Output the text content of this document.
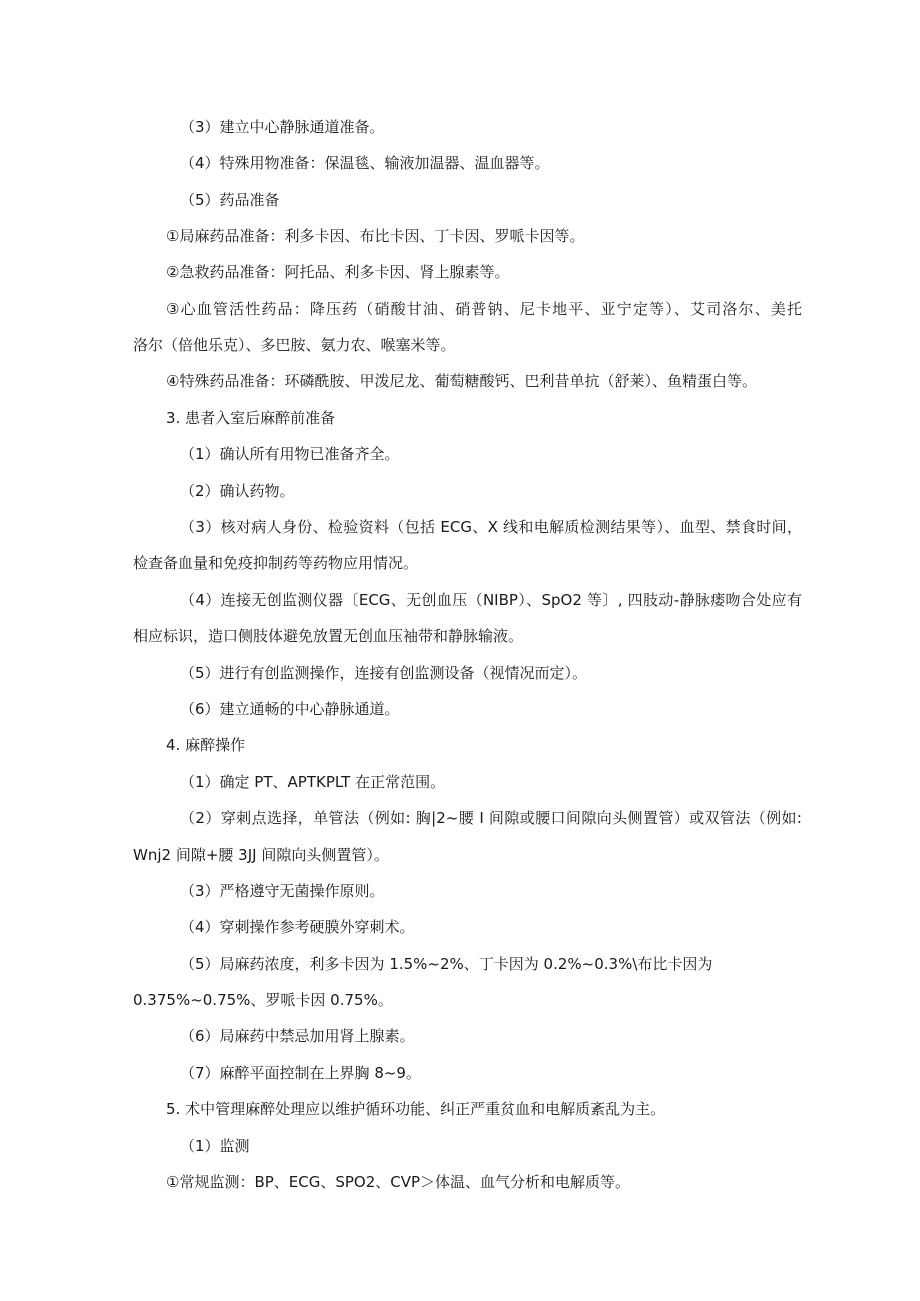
（3）建立中心静脉通道准备。
（4）特殊用物准备：保温毯、输液加温器、温血器等。
（5）药品准备
①局麻药品准备：利多卡因、布比卡因、丁卡因、罗哌卡因等。
②急救药品准备：阿托品、利多卡因、肾上腺素等。
③心血管活性药品：降压药（硝酸甘油、硝普钠、尼卡地平、亚宁定等）、艾司洛尔、美托
洛尔（倍他乐克）、多巴胺、氨力农、喉塞米等。
④特殊药品准备：环磷酰胺、甲泼尼龙、葡萄糖酸钙、巴利昔单抗（舒莱）、鱼精蛋白等。
3. 患者入室后麻醉前准备
（1）确认所有用物已准备齐全。
（2）确认药物。
（3）核对病人身份、检验资料（包括 ECG、X 线和电解质检测结果等）、血型、禁食时间，
检查备血量和免疫抑制药等药物应用情况。
（4）连接无创监测仪器〔ECG、无创血压（NIBP）、SpO2 等〕, 四肢动-静脉瘘吻合处应有
相应标识，造口侧肢体避免放置无创血压袖带和静脉输液。
（5）进行有创监测操作，连接有创监测设备（视情况而定）。
（6）建立通畅的中心静脉通道。
4. 麻醉操作
（1）确定 PT、APTKPLT 在正常范围。
（2）穿刺点选择，单管法（例如: 胸|2~腰 I 间隙或腰口间隙向头侧置管）或双管法（例如:
Wnj2 间隙+腰 3JJ 间隙向头侧置管）。
（3）严格遵守无菌操作原则。
（4）穿刺操作参考硬膜外穿刺术。
（5）局麻药浓度，利多卡因为 1.5%~2%、丁卡因为 0.2%~0.3%\布比卡因为
0.375%~0.75%、罗哌卡因 0.75%。
（6）局麻药中禁忌加用肾上腺素。
（7）麻醉平面控制在上界胸 8~9。
5. 术中管理麻醉处理应以维护循环功能、纠正严重贫血和电解质紊乱为主。
（1）监测
①常规监测：BP、ECG、SPO2、CVP＞体温、血气分析和电解质等。
